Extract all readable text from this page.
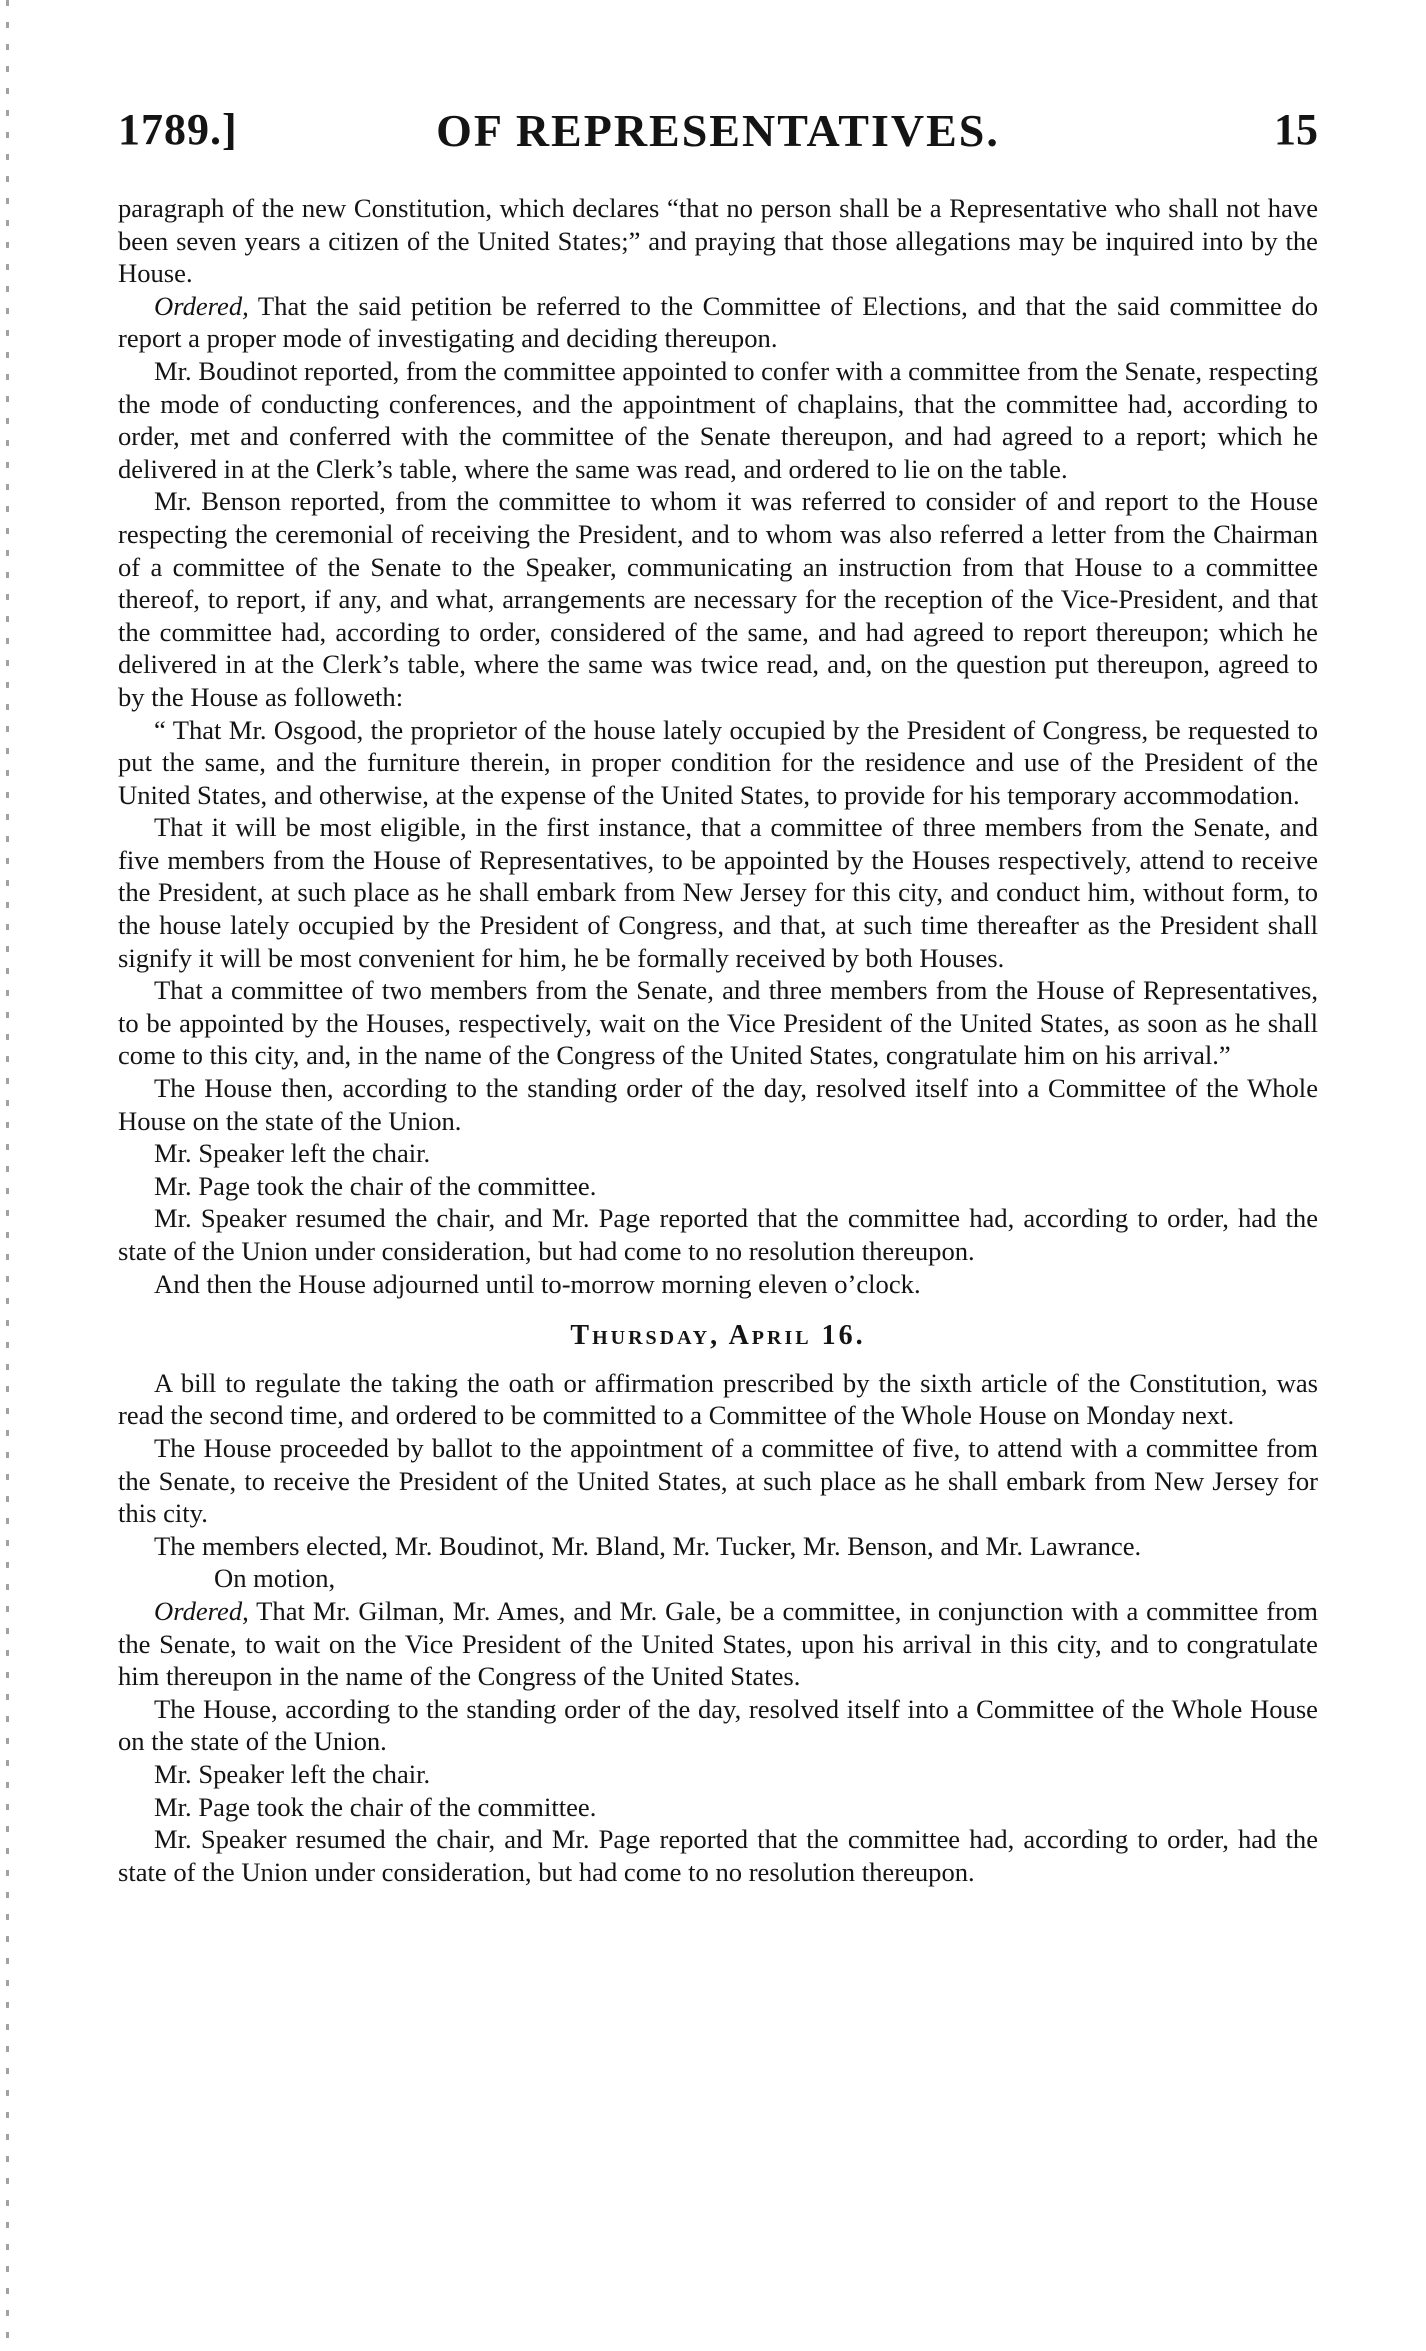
1789.]	OF REPRESENTATIVES.	15

paragraph of the new Constitution, which declares “that no person shall be a Representative who shall not have been seven years a citizen of the United States;” and praying that those allegations may be inquired into by the House.

Ordered, That the said petition be referred to the Committee of Elections, and that the said committee do report a proper mode of investigating and deciding thereupon.

Mr. Boudinot reported, from the committee appointed to confer with a committee from the Senate, respecting the mode of conducting conferences, and the appointment of chaplains, that the committee had, according to order, met and conferred with the committee of the Senate thereupon, and had agreed to a report; which he delivered in at the Clerk’s table, where the same was read, and ordered to lie on the table.

Mr. Benson reported, from the committee to whom it was referred to consider of and report to the House respecting the ceremonial of receiving the President, and to whom was also referred a letter from the Chairman of a committee of the Senate to the Speaker, communicating an instruction from that House to a committee thereof, to report, if any, and what, arrangements are necessary for the reception of the Vice-President, and that the committee had, according to order, considered of the same, and had agreed to report thereupon; which he delivered in at the Clerk’s table, where the same was twice read, and, on the question put thereupon, agreed to by the House as followeth:

“ That Mr. Osgood, the proprietor of the house lately occupied by the President of Congress, be requested to put the same, and the furniture therein, in proper condition for the residence and use of the President of the United States, and otherwise, at the expense of the United States, to provide for his temporary accommodation.

That it will be most eligible, in the first instance, that a committee of three members from the Senate, and five members from the House of Representatives, to be appointed by the Houses respectively, attend to receive the President, at such place as he shall embark from New Jersey for this city, and conduct him, without form, to the house lately occupied by the President of Congress, and that, at such time thereafter as the President shall signify it will be most convenient for him, he be formally received by both Houses.

That a committee of two members from the Senate, and three members from the House of Representatives, to be appointed by the Houses, respectively, wait on the Vice President of the United States, as soon as he shall come to this city, and, in the name of the Congress of the United States, congratulate him on his arrival.”

The House then, according to the standing order of the day, resolved itself into a Committee of the Whole House on the state of the Union.

Mr. Speaker left the chair.

Mr. Page took the chair of the committee.

Mr. Speaker resumed the chair, and Mr. Page reported that the committee had, according to order, had the state of the Union under consideration, but had come to no resolution thereupon.

And then the House adjourned until to-morrow morning eleven o’clock.

Thursday, April 16.

A bill to regulate the taking the oath or affirmation prescribed by the sixth article of the Constitution, was read the second time, and ordered to be committed to a Committee of the Whole House on Monday next.

The House proceeded by ballot to the appointment of a committee of five, to attend with a committee from the Senate, to receive the President of the United States, at such place as he shall embark from New Jersey for this city.

The members elected, Mr. Boudinot, Mr. Bland, Mr. Tucker, Mr. Benson, and Mr. Lawrance.

On motion,

Ordered, That Mr. Gilman, Mr. Ames, and Mr. Gale, be a committee, in conjunction with a committee from the Senate, to wait on the Vice President of the United States, upon his arrival in this city, and to congratulate him thereupon in the name of the Congress of the United States.

The House, according to the standing order of the day, resolved itself into a Committee of the Whole House on the state of the Union.

Mr. Speaker left the chair.

Mr. Page took the chair of the committee.

Mr. Speaker resumed the chair, and Mr. Page reported that the committee had, according to order, had the state of the Union under consideration, but had come to no resolution thereupon.
